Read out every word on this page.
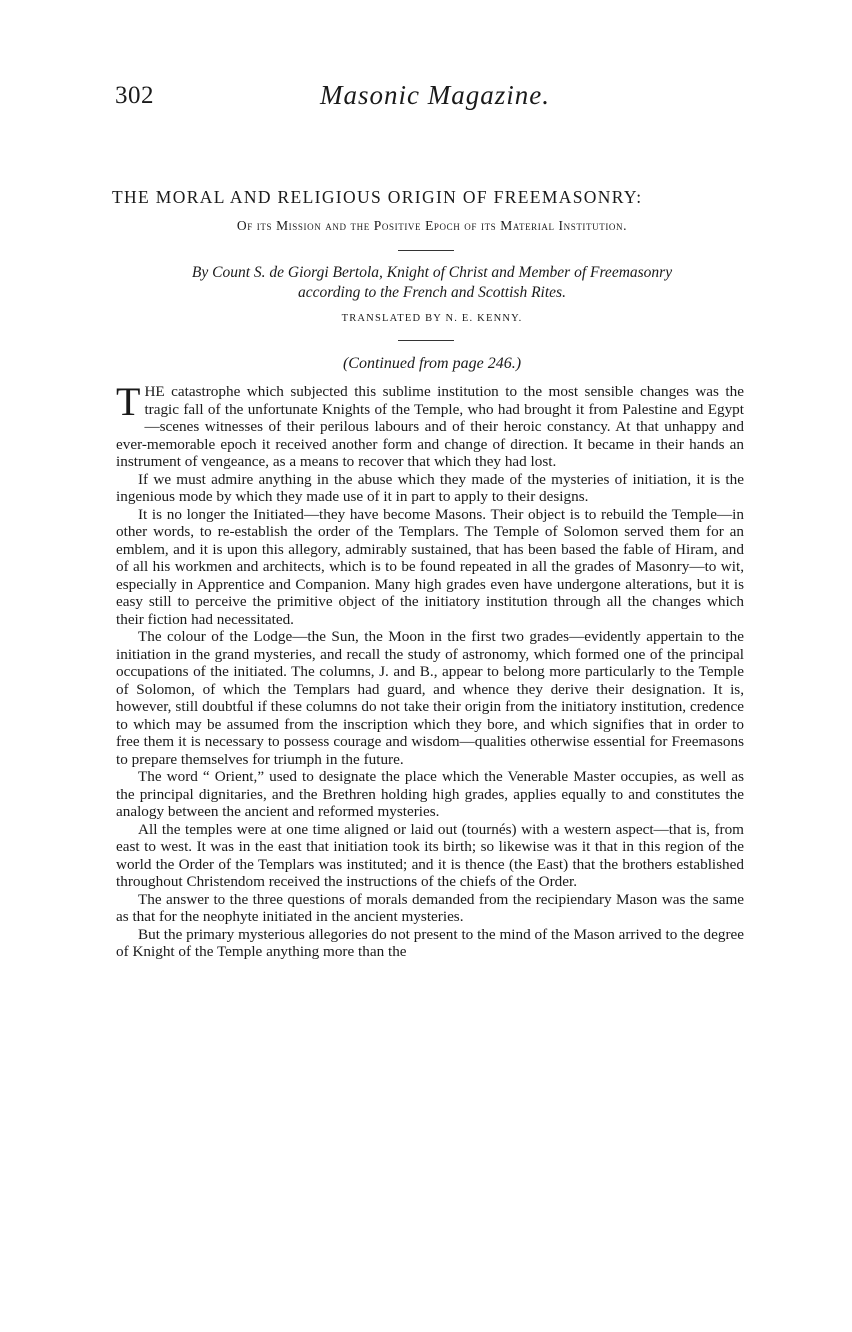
302	Masonic Magazine.
THE MORAL AND RELIGIOUS ORIGIN OF FREEMASONRY:
Of its Mission and the Positive Epoch of its Material Institution.
By Count S. de Giorgi Bertola, Knight of Christ and Member of Freemasonry
according to the French and Scottish Rites.
TRANSLATED BY N. E. KENNY.
(Continued from page 246.)

THE catastrophe which subjected this sublime institution to the most sensible changes was the tragic fall of the unfortunate Knights of the Temple, who had brought it from Palestine and Egypt—scenes witnesses of their perilous labours and of their heroic constancy. At that unhappy and ever-memorable epoch it received another form and change of direction. It became in their hands an instrument of vengeance, as a means to recover that which they had lost.

If we must admire anything in the abuse which they made of the mysteries of initiation, it is the ingenious mode by which they made use of it in part to apply to their designs.

It is no longer the Initiated—they have become Masons. Their object is to rebuild the Temple—in other words, to re-establish the order of the Templars. The Temple of Solomon served them for an emblem, and it is upon this allegory, admirably sustained, that has been based the fable of Hiram, and of all his workmen and architects, which is to be found repeated in all the grades of Masonry—to wit, especially in Apprentice and Companion. Many high grades even have undergone alterations, but it is easy still to perceive the primitive object of the initiatory institution through all the changes which their fiction had necessitated.

The colour of the Lodge—the Sun, the Moon in the first two grades—evidently appertain to the initiation in the grand mysteries, and recall the study of astronomy, which formed one of the principal occupations of the initiated. The columns, J. and B., appear to belong more particularly to the Temple of Solomon, of which the Templars had guard, and whence they derive their designation. It is, however, still doubtful if these columns do not take their origin from the initiatory institution, credence to which may be assumed from the inscription which they bore, and which signifies that in order to free them it is necessary to possess courage and wisdom—qualities otherwise essential for Freemasons to prepare themselves for triumph in the future.

The word “ Orient,” used to designate the place which the Venerable Master occupies, as well as the principal dignitaries, and the Brethren holding high grades, applies equally to and constitutes the analogy between the ancient and reformed mysteries.

All the temples were at one time aligned or laid out (tournés) with a western aspect—that is, from east to west. It was in the east that initiation took its birth; so likewise was it that in this region of the world the Order of the Templars was instituted; and it is thence (the East) that the brothers established throughout Christendom received the instructions of the chiefs of the Order.

The answer to the three questions of morals demanded from the recipiendary Mason was the same as that for the neophyte initiated in the ancient mysteries.

But the primary mysterious allegories do not present to the mind of the Mason arrived to the degree of Knight of the Temple anything more than the
